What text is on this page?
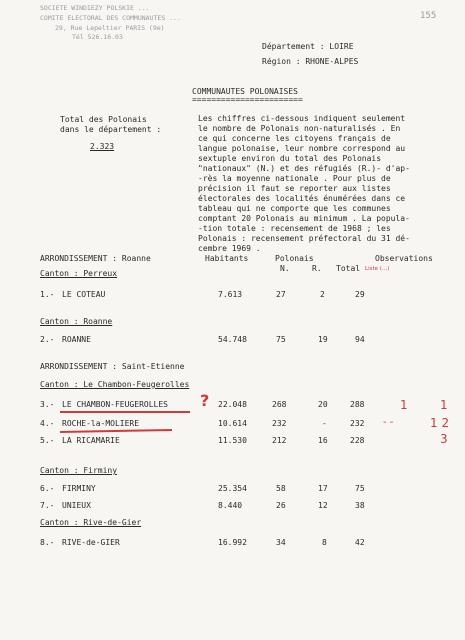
155
SOCIETE WINDIEZY POLSKIE ...
COMITE ELECTORAL DES COMMUNAUTES ...
29, Rue Lepeltier PARIS (9e)
Tél 526.16.03
Département : LOIRE
Région : RHONE-ALPES
COMMUNAUTES POLONAISES
=======================
Total des Polonais
dans le département :
2.323
Les chiffres ci-dessous indiquent seulement
le nombre de Polonais non-naturalisés . En
ce qui concerne les citoyens français de
langue polonaise, leur nombre correspond au
sextuple environ du total des Polonais
"nationaux" (N.) et des réfugiés (R.)- d'ap-
-rès la moyenne nationale . Pour plus de
précision il faut se reporter aux listes
électorales des localités énumérées dans ce
tableau qui ne comporte que les communes
comptant 20 Polonais au minimum . La popula-
-tion totale : recensement de 1968 ; les
Polonais : recensement préfectoral du 31 dé-
cembre 1969 .
ARRONDISSEMENT : Roanne	Habitants	Polonais	Observations
N.	R. Total Liste (...)
Canton : Perreux
1.- LE COTEAU	7.613	27	2	29
Canton : Roanne
2.- ROANNE	54.748	75	19	94
ARRONDISSEMENT : Saint-Etienne
Canton : Le Chambon-Feugerolles
3.- LE CHAMBON-FEUGEROLLES	22.048	268	20	288
4.- ROCHE-la-MOLIERE	10.614	232	-	232
5.- LA RICAMARIE	11.530	212	16	228
Canton : Firminy
6.- FIRMINY	25.354	58	17	75
7.- UNIEUX	8.440	26	12	38
Canton : Rive-de-Gier
8.- RIVE-de-GIER	16.992	34	8	42
?	1	1
- -	1 2
3
